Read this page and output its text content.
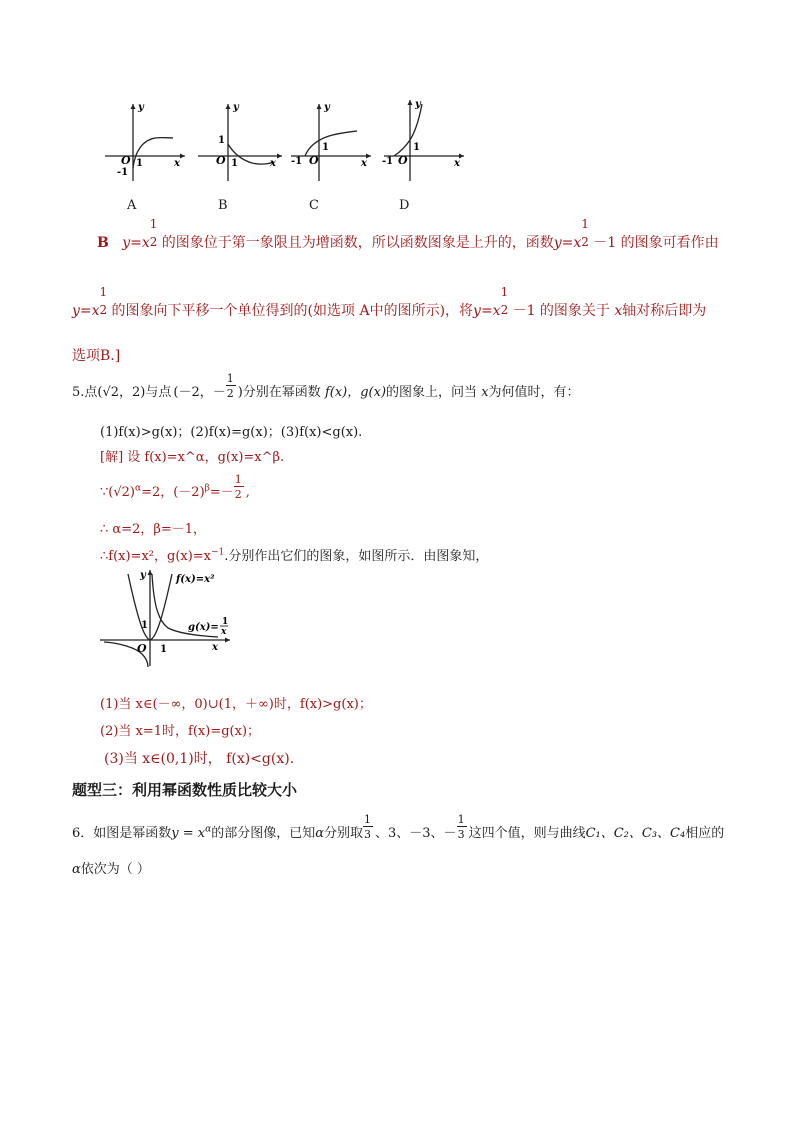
y
x
O 1
-1
y
x
O 1
1
y
x
O
1
-1
y
x
O
1
-1
A	B	C	D
B y=x
1
2 的图象位于第一象限且为增函数，所以函数图象是上升的，函数y=x
1
2 －1 的图象可看作由
y=x
1
2 的图象向下平移一个单位得到的(如选项 A中的图所示)，将y=x
1
2 －1 的图象关于 x轴对称后即为
选项B.]
5.点(√2，2)与点 (－2，－ $\frac{1}{2}$ )分别在幂函数 f(x)，g(x)的图象上，问当 x为何值时，有：
(1)f(x)>g(x)；(2)f(x)=g(x)；(3)f(x)<g(x).
[解] 设 f(x)=x^α，g(x)=x^β.
$\because(√2)^\alpha=2$，$(-2)^\beta=- \frac{1}{2}$ ,
∴ α=2，β=－1，
∴f(x)=x²，$g(x)=x^{-1}$.分别作出它们的图象，如图所示．由图象知，
f(x)=x²
g(x)= 1
x
y
x
O 1
1
(1)当 x∈(－∞，0)∪(1，＋∞)时，f(x)>g(x)；
(2)当 x=1时，f(x)=g(x)；
(3)当 x∈(0,1)时， f(x)<g(x).
题型三：利用幂函数性质比较大小
6．如图是幂函数$y = x^\alpha$的部分图像，已知α分别取 $\frac{1}{3}$ 、3、－3、－ $\frac{1}{3}$ 这四个值，则与曲线C₁、C₂、C₃、C₄相应的
α依次为（ ）
